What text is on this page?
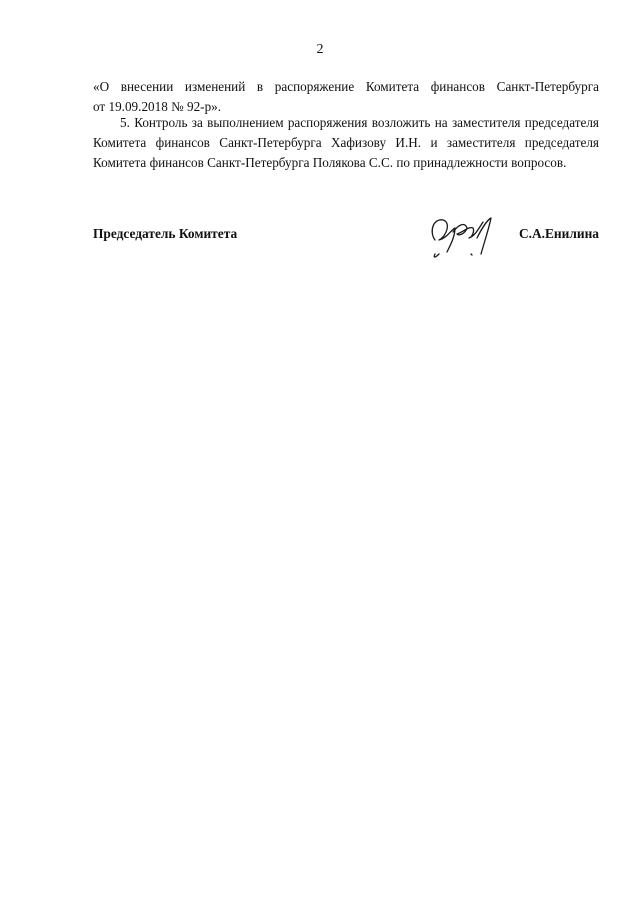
2
«О внесении изменений в распоряжение Комитета финансов Санкт-Петербурга
от 19.09.2018 № 92-р».
5. Контроль за выполнением распоряжения возложить на заместителя председателя
Комитета финансов Санкт-Петербурга Хафизову И.Н. и заместителя председателя
Комитета финансов Санкт-Петербурга Полякова С.С. по принадлежности вопросов.
Председатель Комитета	С.А.Енилина
